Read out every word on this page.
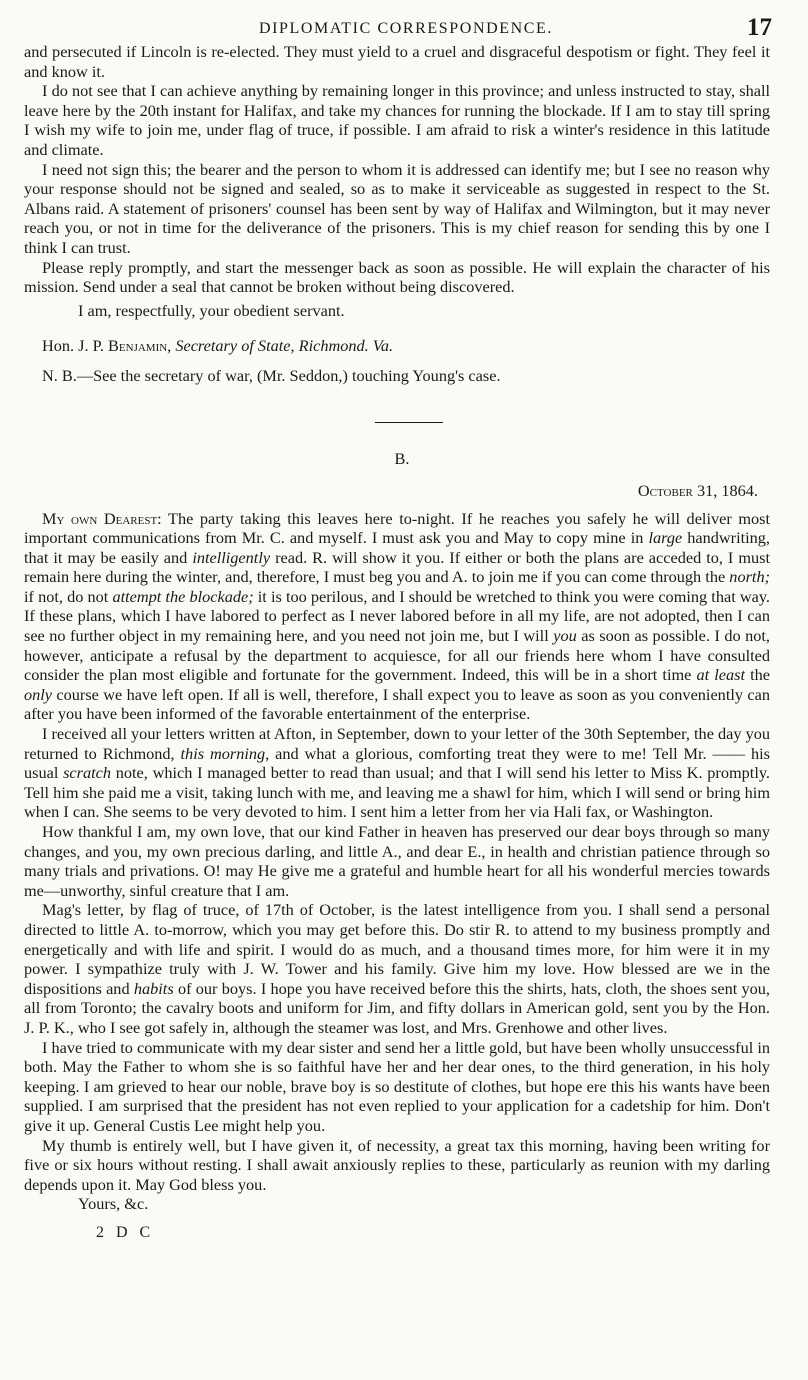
DIPLOMATIC CORRESPONDENCE.	17

and persecuted if Lincoln is re-elected. They must yield to a cruel and disgraceful despotism or fight. They feel it and know it.

I do not see that I can achieve anything by remaining longer in this province; and unless instructed to stay, shall leave here by the 20th instant for Halifax, and take my chances for running the blockade. If I am to stay till spring I wish my wife to join me, under flag of truce, if possible. I am afraid to risk a winter's residence in this latitude and climate.

I need not sign this; the bearer and the person to whom it is addressed can identify me; but I see no reason why your response should not be signed and sealed, so as to make it serviceable as suggested in respect to the St. Albans raid. A statement of prisoners' counsel has been sent by way of Halifax and Wilmington, but it may never reach you, or not in time for the deliverance of the prisoners. This is my chief reason for sending this by one I think I can trust.

Please reply promptly, and start the messenger back as soon as possible. He will explain the character of his mission. Send under a seal that cannot be broken without being discovered.

I am, respectfully, your obedient servant.
Hon. J. P. Benjamin, Secretary of State, Richmond. Va.
N. B.—See the secretary of war, (Mr. Seddon,) touching Young's case.
B.
October 31, 1864.

My own Dearest: The party taking this leaves here to-night. If he reaches you safely he will deliver most important communications from Mr. C. and myself. I must ask you and May to copy mine in large handwriting, that it may be easily and intelligently read. R. will show it you. If either or both the plans are acceded to, I must remain here during the winter, and, therefore, I must beg you and A. to join me if you can come through the north; if not, do not attempt the blockade; it is too perilous, and I should be wretched to think you were coming that way. If these plans, which I have labored to perfect as I never labored before in all my life, are not adopted, then I can see no further object in my remaining here, and you need not join me, but I will you as soon as possible. I do not, however, anticipate a refusal by the department to acquiesce, for all our friends here whom I have consulted consider the plan most eligible and fortunate for the government. Indeed, this will be in a short time at least the only course we have left open. If all is well, therefore, I shall expect you to leave as soon as you conveniently can after you have been informed of the favorable entertainment of the enterprise.

I received all your letters written at Afton, in September, down to your letter of the 30th September, the day you returned to Richmond, this morning, and what a glorious, comforting treat they were to me! Tell Mr. —— his usual scratch note, which I managed better to read than usual; and that I will send his letter to Miss K. promptly. Tell him she paid me a visit, taking lunch with me, and leaving me a shawl for him, which I will send or bring him when I can. She seems to be very devoted to him. I sent him a letter from her via Hali fax, or Washington.

How thankful I am, my own love, that our kind Father in heaven has preserved our dear boys through so many changes, and you, my own precious darling, and little A., and dear E., in health and christian patience through so many trials and privations. O! may He give me a grateful and humble heart for all his wonderful mercies towards me—unworthy, sinful creature that I am.

Mag's letter, by flag of truce, of 17th of October, is the latest intelligence from you. I shall send a personal directed to little A. to-morrow, which you may get before this. Do stir R. to attend to my business promptly and energetically and with life and spirit. I would do as much, and a thousand times more, for him were it in my power. I sympathize truly with J. W. Tower and his family. Give him my love. How blessed are we in the dispositions and habits of our boys. I hope you have received before this the shirts, hats, cloth, the shoes sent you, all from Toronto; the cavalry boots and uniform for Jim, and fifty dollars in American gold, sent you by the Hon. J. P. K., who I see got safely in, although the steamer was lost, and Mrs. Grenhowe and other lives.

I have tried to communicate with my dear sister and send her a little gold, but have been wholly unsuccessful in both. May the Father to whom she is so faithful have her and her dear ones, to the third generation, in his holy keeping. I am grieved to hear our noble, brave boy is so destitute of clothes, but hope ere this his wants have been supplied. I am surprised that the president has not even replied to your application for a cadetship for him. Don't give it up. General Custis Lee might help you.

My thumb is entirely well, but I have given it, of necessity, a great tax this morning, having been writing for five or six hours without resting. I shall await anxiously replies to these, particularly as reunion with my darling depends upon it. May God bless you.

Yours, &c.
2 D C
